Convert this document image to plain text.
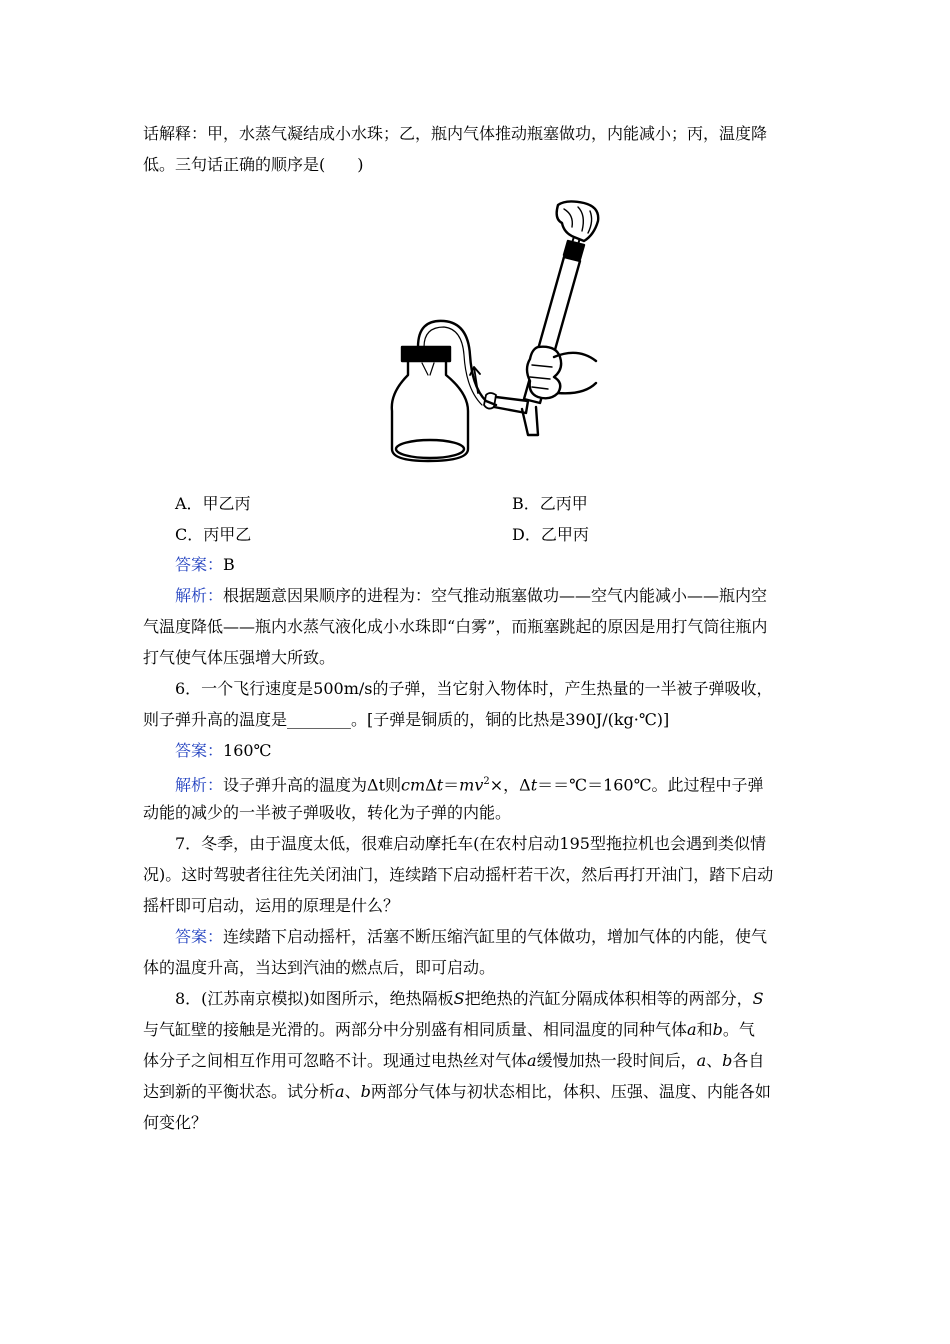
话解释：甲，水蒸气凝结成小水珠；乙，瓶内气体推动瓶塞做功，内能减小；丙，温度降
低。三句话正确的顺序是(　　)
A．甲乙丙	B．乙丙甲
C．丙甲乙	D．乙甲丙
答案：B
解析：根据题意因果顺序的进程为：空气推动瓶塞做功——空气内能减小——瓶内空
气温度降低——瓶内水蒸气液化成小水珠即“白雾”，而瓶塞跳起的原因是用打气筒往瓶内
打气使气体压强增大所致。
6．一个飞行速度是500m/s的子弹，当它射入物体时，产生热量的一半被子弹吸收，
则子弹升高的温度是________。[子弹是铜质的，铜的比热是390J/(kg·℃)]
答案：160℃
解析：设子弹升高的温度为Δt则$cm\Delta t=mv^2\times$，Δt＝＝℃＝160℃。此过程中子弹
动能的减少的一半被子弹吸收，转化为子弹的内能。
7．冬季，由于温度太低，很难启动摩托车(在农村启动195型拖拉机也会遇到类似情
况)。这时驾驶者往往先关闭油门，连续踏下启动摇杆若干次，然后再打开油门，踏下启动
摇杆即可启动，运用的原理是什么？
答案：连续踏下启动摇杆，活塞不断压缩汽缸里的气体做功，增加气体的内能，使气
体的温度升高，当达到汽油的燃点后，即可启动。
8．(江苏南京模拟)如图所示，绝热隔板S把绝热的汽缸分隔成体积相等的两部分，S
与气缸壁的接触是光滑的。两部分中分别盛有相同质量、相同温度的同种气体a和b。气
体分子之间相互作用可忽略不计。现通过电热丝对气体a缓慢加热一段时间后，a、b各自
达到新的平衡状态。试分析a、b两部分气体与初状态相比，体积、压强、温度、内能各如
何变化？
